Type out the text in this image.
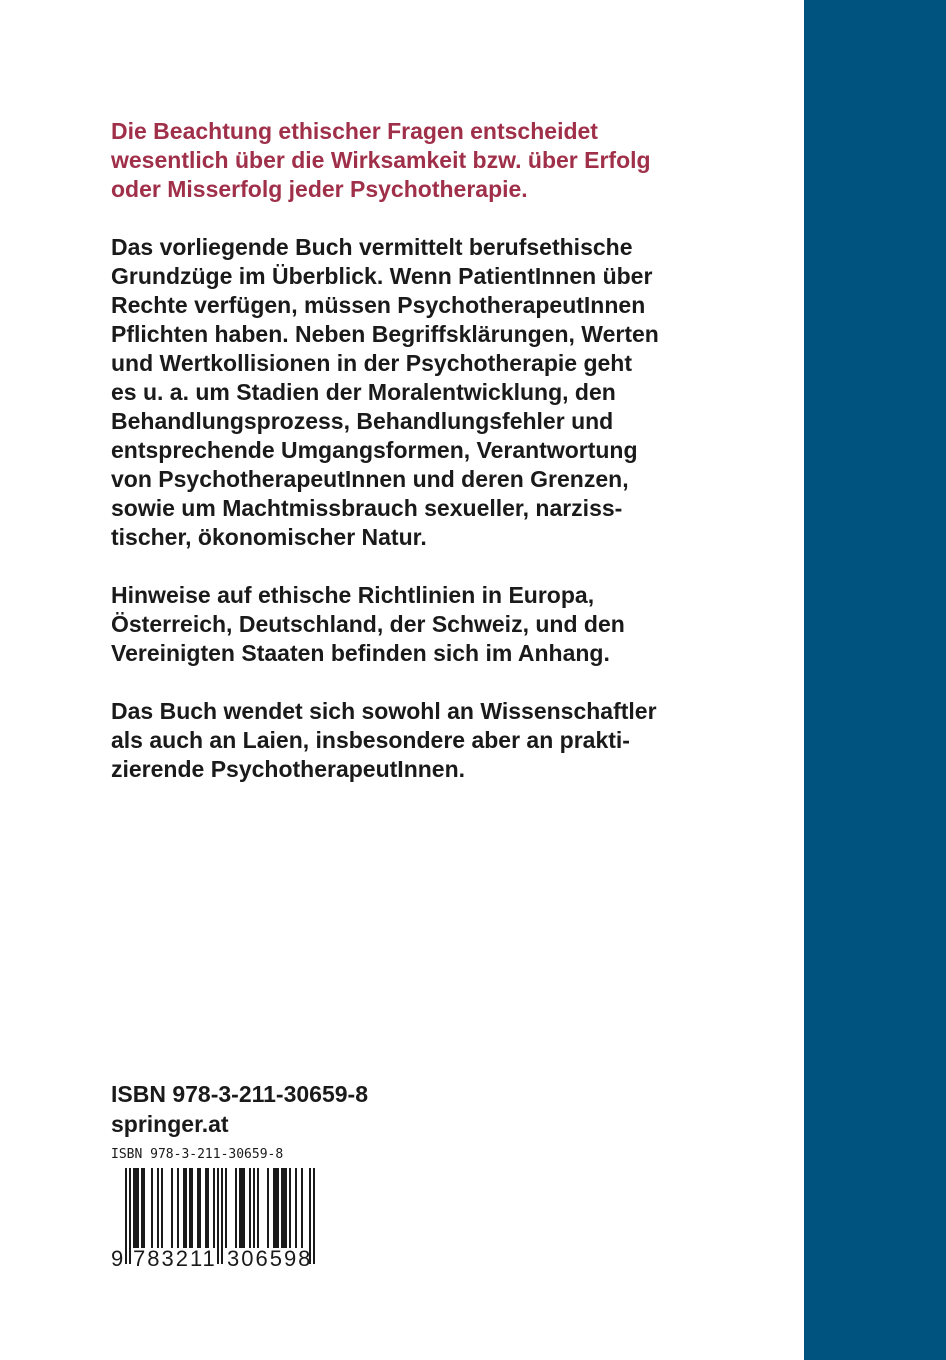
Die Beachtung ethischer Fragen entscheidet
wesentlich über die Wirksamkeit bzw. über Erfolg
oder Misserfolg jeder Psychotherapie.

Das vorliegende Buch vermittelt berufsethische
Grundzüge im Überblick. Wenn PatientInnen über
Rechte verfügen, müssen PsychotherapeutInnen
Pflichten haben. Neben Begriffsklärungen, Werten
und Wertkollisionen in der Psychotherapie geht
es u. a. um Stadien der Moralentwicklung, den
Behandlungsprozess, Behandlungsfehler und
entsprechende Umgangsformen, Verantwortung
von PsychotherapeutInnen und deren Grenzen,
sowie um Machtmissbrauch sexueller, narziss-
tischer, ökonomischer Natur.

Hinweise auf ethische Richtlinien in Europa,
Österreich, Deutschland, der Schweiz, und den
Vereinigten Staaten befinden sich im Anhang.

Das Buch wendet sich sowohl an Wissenschaftler
als auch an Laien, insbesondere aber an prakti-
zierende PsychotherapeutInnen.

ISBN 978-3-211-30659-8
springer.at
ISBN 978-3-211-30659-8
9 783211 306598
